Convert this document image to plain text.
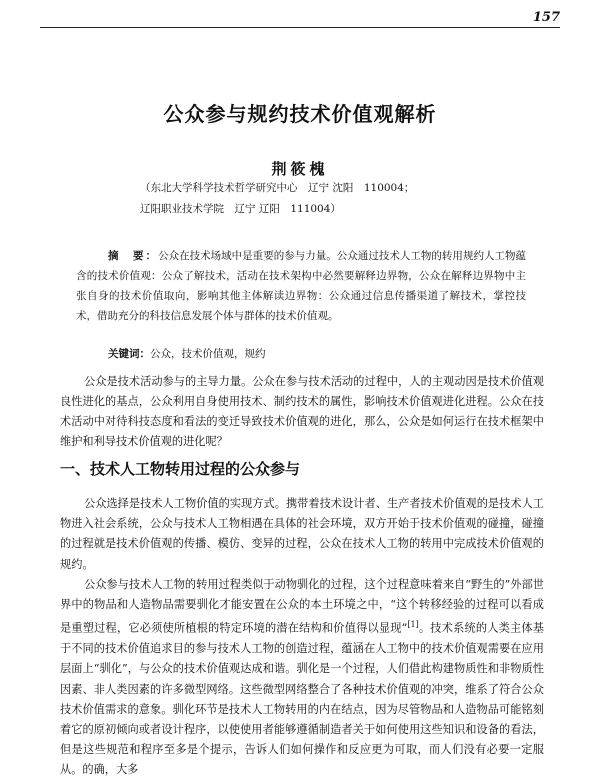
157
公众参与规约技术价值观解析
荆筱槐
（东北大学科学技术哲学研究中心　辽宁 沈阳　110004；
辽阳职业技术学院　辽宁 辽阳　111004）

摘　要：公众在技术场域中是重要的参与力量。公众通过技术人工物的转用规约人工物蕴含的技术价值观：公众了解技术，活动在技术架构中必然要解释边界物，公众在解释边界物中主张自身的技术价值取向，影响其他主体解读边界物：公众通过信息传播渠道了解技术，掌控技术，借助充分的科技信息发展个体与群体的技术价值观。

关键词：公众，技术价值观，规约

公众是技术活动参与的主导力量。公众在参与技术活动的过程中，人的主观动因是技术价值观良性进化的基点，公众利用自身使用技术、制约技术的属性，影响技术价值观进化进程。公众在技术活动中对待科技态度和看法的变迁导致技术价值观的进化，那么，公众是如何运行在技术框架中维护和利导技术价值观的进化呢？

一、技术人工物转用过程的公众参与

公众选择是技术人工物价值的实现方式。携带着技术设计者、生产者技术价值观的是技术人工物进入社会系统，公众与技术人工物相遇在具体的社会环境，双方开始于技术价值观的碰撞，碰撞的过程就是技术价值观的传播、模仿、变异的过程，公众在技术人工物的转用中完成技术价值观的规约。

公众参与技术人工物的转用过程类似于动物驯化的过程，这个过程意味着来自“野生的”外部世界中的物品和人造物品需要驯化才能安置在公众的本土环境之中，“这个转移经验的过程可以看成是重塑过程，它必须使所植根的特定环境的潜在结构和价值得以显现”[1]。技术系统的人类主体基于不同的技术价值追求目的参与技术人工物的创造过程，蕴涵在人工物中的技术价值观需要在应用层面上“驯化”，与公众的技术价值观达成和谐。驯化是一个过程，人们借此构建物质性和非物质性因素、非人类因素的许多微型网络。这些微型网络整合了各种技术价值观的冲突，维系了符合公众技术价值需求的意象。驯化环节是技术人工物转用的内在结点，因为尽管物品和人造物品可能铭刻着它的原初倾向或者设计程序，以使使用者能够遵循制造者关于如何使用这些知识和设备的看法，但是这些规范和程序至多是个提示，告诉人们如何操作和反应更为可取，而人们没有必要一定服从。的确，大多
